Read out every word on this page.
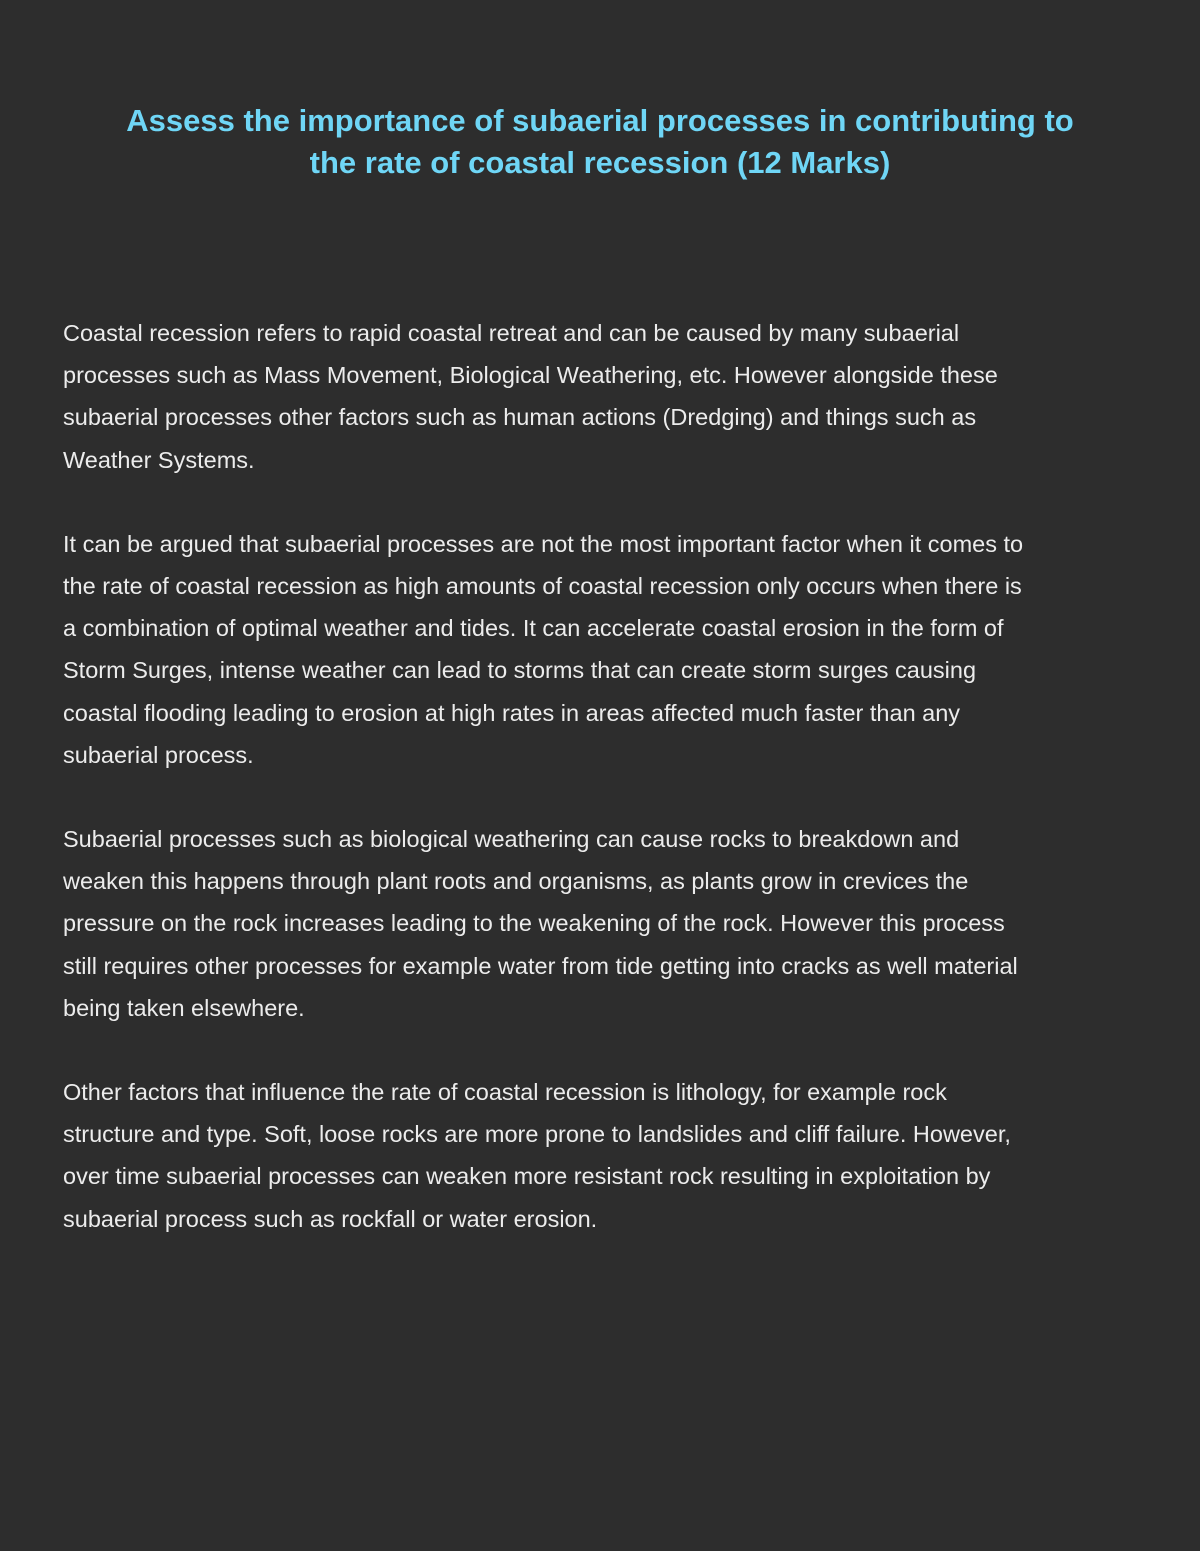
Assess the importance of subaerial processes in contributing to
the rate of coastal recession (12 Marks)

Coastal recession refers to rapid coastal retreat and can be caused by many subaerial
processes such as Mass Movement, Biological Weathering, etc. However alongside these
subaerial processes other factors such as human actions (Dredging) and things such as
Weather Systems.

It can be argued that subaerial processes are not the most important factor when it comes to
the rate of coastal recession as high amounts of coastal recession only occurs when there is
a combination of optimal weather and tides. It can accelerate coastal erosion in the form of
Storm Surges, intense weather can lead to storms that can create storm surges causing
coastal flooding leading to erosion at high rates in areas affected much faster than any
subaerial process.

Subaerial processes such as biological weathering can cause rocks to breakdown and
weaken this happens through plant roots and organisms, as plants grow in crevices the
pressure on the rock increases leading to the weakening of the rock. However this process
still requires other processes for example water from tide getting into cracks as well material
being taken elsewhere.

Other factors that influence the rate of coastal recession is lithology, for example rock
structure and type. Soft, loose rocks are more prone to landslides and cliff failure. However,
over time subaerial processes can weaken more resistant rock resulting in exploitation by
subaerial process such as rockfall or water erosion.
